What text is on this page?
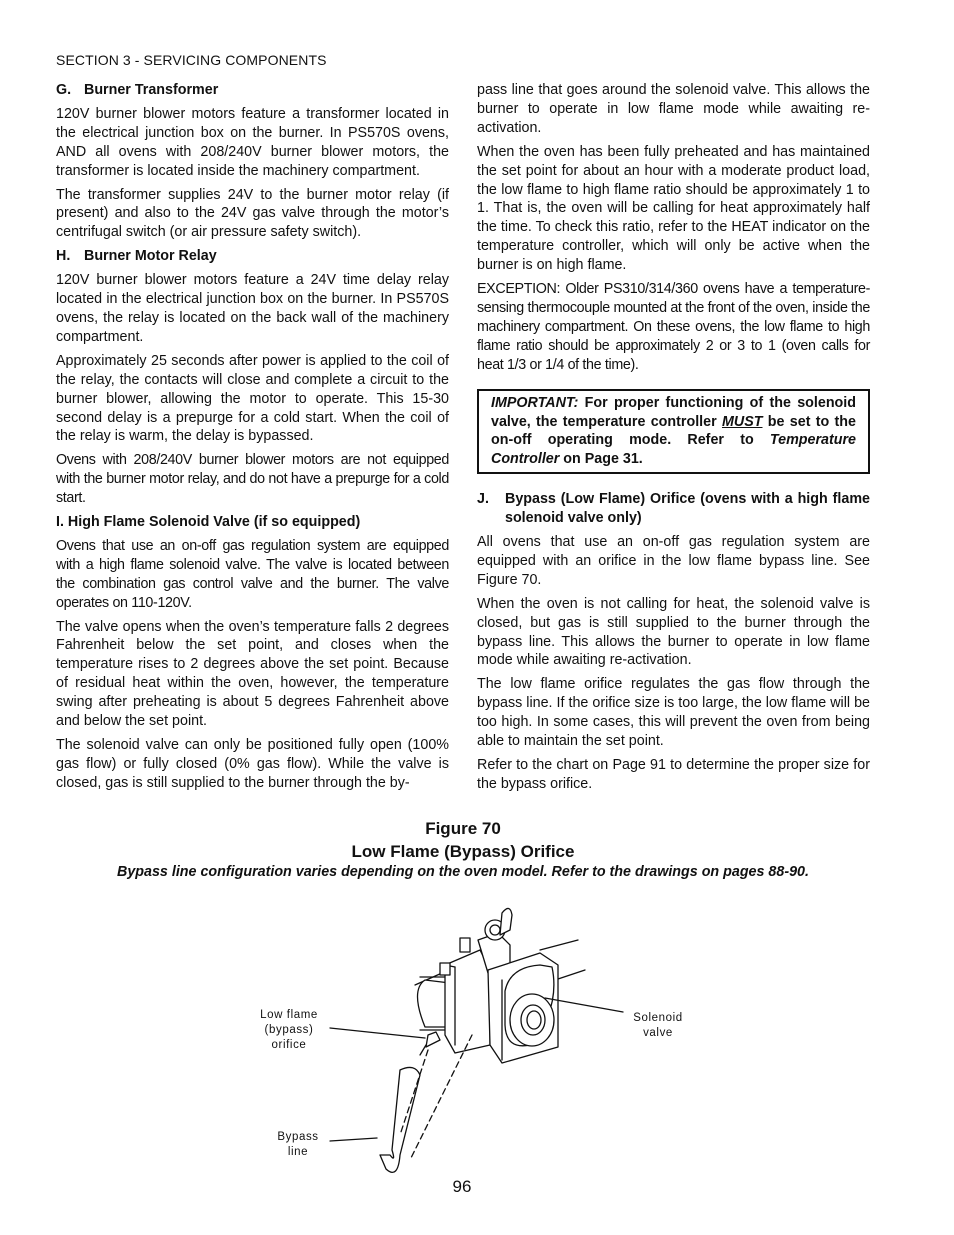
SECTION 3 - SERVICING COMPONENTS

G. Burner Transformer

120V burner blower motors feature a transformer located in the electrical junction box on the burner. In PS570S ovens, AND all ovens with 208/240V burner blower motors, the transformer is located inside the machinery compartment.

The transformer supplies 24V to the burner motor relay (if present) and also to the 24V gas valve through the motor’s centrifugal switch (or air pressure safety switch).

H. Burner Motor Relay

120V burner blower motors feature a 24V time delay relay located in the electrical junction box on the burner. In PS570S ovens, the relay is located on the back wall of the machinery compartment.

Approximately 25 seconds after power is applied to the coil of the relay, the contacts will close and complete a circuit to the burner blower, allowing the motor to operate. This 15-30 second delay is a prepurge for a cold start. When the coil of the relay is warm, the delay is bypassed.

Ovens with 208/240V burner blower motors are not equipped with the burner motor relay, and do not have a prepurge for a cold start.

I. High Flame Solenoid Valve (if so equipped)

Ovens that use an on-off gas regulation system are equipped with a high flame solenoid valve. The valve is located between the combination gas control valve and the burner. The valve operates on 110-120V.

The valve opens when the oven’s temperature falls 2 degrees Fahrenheit below the set point, and closes when the temperature rises to 2 degrees above the set point. Because of residual heat within the oven, however, the temperature swing after preheating is about 5 degrees Fahrenheit above and below the set point.

The solenoid valve can only be positioned fully open (100% gas flow) or fully closed (0% gas flow). While the valve is closed, gas is still supplied to the burner through the by-

pass line that goes around the solenoid valve. This allows the burner to operate in low flame mode while awaiting re-activation.

When the oven has been fully preheated and has maintained the set point for about an hour with a moderate product load, the low flame to high flame ratio should be approximately 1 to 1. That is, the oven will be calling for heat approximately half the time. To check this ratio, refer to the HEAT indicator on the temperature controller, which will only be active when the burner is on high flame.

EXCEPTION: Older PS310/314/360 ovens have a temperature-sensing thermocouple mounted at the front of the oven, inside the machinery compartment. On these ovens, the low flame to high flame ratio should be approximately 2 or 3 to 1 (oven calls for heat 1/3 or 1/4 of the time).

IMPORTANT: For proper functioning of the solenoid valve, the temperature controller MUST be set to the on-off operating mode. Refer to Temperature Controller on Page 31.
J.	Bypass (Low Flame) Orifice (ovens with a high flame solenoid valve only)

All ovens that use an on-off gas regulation system are equipped with an orifice in the low flame bypass line. See Figure 70.

When the oven is not calling for heat, the solenoid valve is closed, but gas is still supplied to the burner through the bypass line. This allows the burner to operate in low flame mode while awaiting re-activation.

The low flame orifice regulates the gas flow through the bypass line. If the orifice size is too large, the low flame will be too high. In some cases, this will prevent the oven from being able to maintain the set point.

Refer to the chart on Page 91 to determine the proper size for the bypass orifice.

Figure 70
Low Flame (Bypass) Orifice
Bypass line configuration varies depending on the oven model. Refer to the drawings on pages 88-90.
Low flame
(bypass)
orifice
Solenoid
valve
Bypass
line
96
